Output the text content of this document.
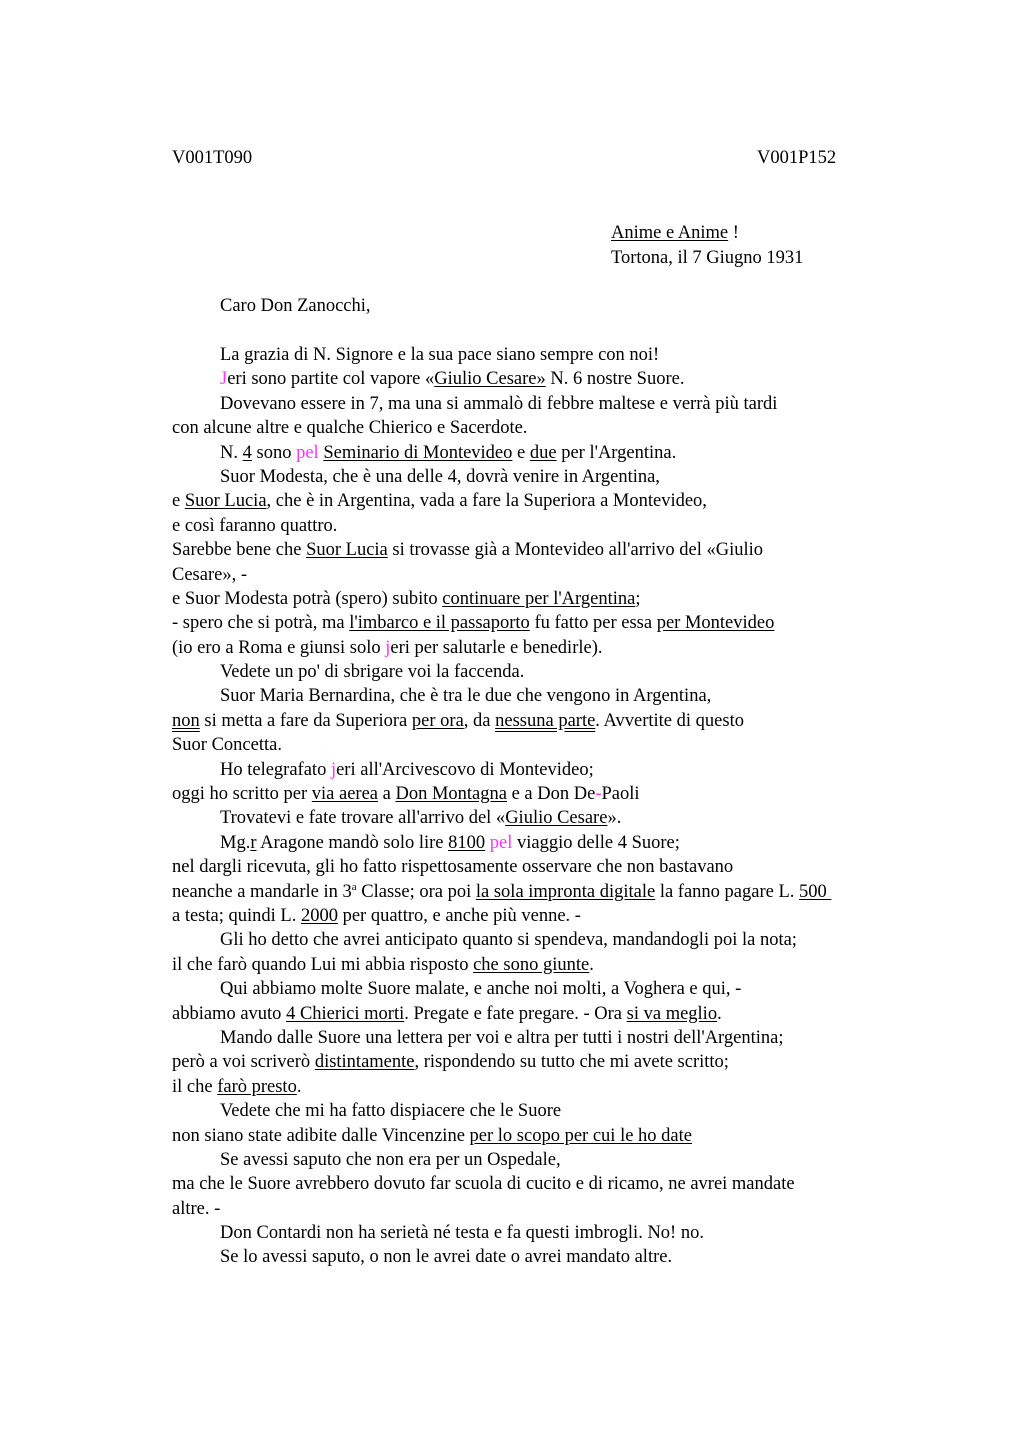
V001T090	V001P152
Anime e Anime !
Tortona, il 7 Giugno 1931
Caro Don Zanocchi,
La grazia di N. Signore e la sua pace siano sempre con noi!
Jeri sono partite col vapore «Giulio Cesare» N. 6 nostre Suore.
Dovevano essere in 7, ma una si ammalò di febbre maltese e verrà più tardi
con alcune altre e qualche Chierico e Sacerdote.
N. 4 sono pel Seminario di Montevideo e due per l'Argentina.
Suor Modesta, che è una delle 4, dovrà venire in Argentina,
e Suor Lucia, che è in Argentina, vada a fare la Superiora a Montevideo,
e così faranno quattro.
Sarebbe bene che Suor Lucia si trovasse già a Montevideo all'arrivo del «Giulio
Cesare», -
e Suor Modesta potrà (spero) subito continuare per l'Argentina;
- spero che si potrà, ma l'imbarco e il passaporto fu fatto per essa per Montevideo
(io ero a Roma e giunsi solo jeri per salutarle e benedirle).
Vedete un po' di sbrigare voi la faccenda.
Suor Maria Bernardina, che è tra le due che vengono in Argentina,
non si metta a fare da Superiora per ora, da nessuna parte. Avvertite di questo
Suor Concetta.
Ho telegrafato jeri all'Arcivescovo di Montevideo;
oggi ho scritto per via aerea a Don Montagna e a Don De-Paoli
Trovatevi e fate trovare all'arrivo del «Giulio Cesare».
Mg.r Aragone mandò solo lire 8100 pel viaggio delle 4 Suore;
nel dargli ricevuta, gli ho fatto rispettosamente osservare che non bastavano
neanche a mandarle in 3$^a$ Classe; ora poi la sola impronta digitale la fanno pagare L. 500
a testa; quindi L. 2000 per quattro, e anche più venne. -
Gli ho detto che avrei anticipato quanto si spendeva, mandandogli poi la nota;
il che farò quando Lui mi abbia risposto che sono giunte.
Qui abbiamo molte Suore malate, e anche noi molti, a Voghera e qui, -
abbiamo avuto 4 Chierici morti. Pregate e fate pregare. - Ora si va meglio.
Mando dalle Suore una lettera per voi e altra per tutti i nostri dell'Argentina;
però a voi scriverò distintamente, rispondendo su tutto che mi avete scritto;
il che farò presto.
Vedete che mi ha fatto dispiacere che le Suore
non siano state adibite dalle Vincenzine per lo scopo per cui le ho date
Se avessi saputo che non era per un Ospedale,
ma che le Suore avrebbero dovuto far scuola di cucito e di ricamo, ne avrei mandate
altre. -
Don Contardi non ha serietà né testa e fa questi imbrogli. No! no.
Se lo avessi saputo, o non le avrei date o avrei mandato altre.
